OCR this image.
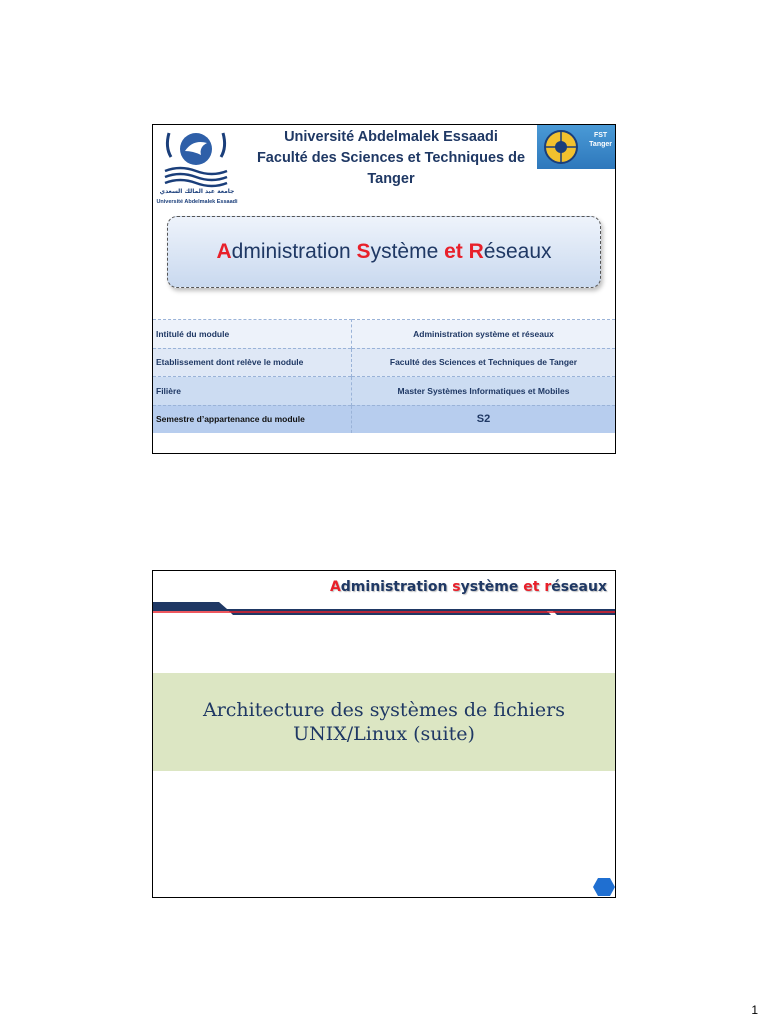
جامعة عبد المالك السعدي
Université Abdelmalek Essaadi
Université Abdelmalek Essaadi
Faculté des Sciences et Techniques de
Tanger
FST
Tanger
Administration Système et Réseaux
Intitulé du module	Administration système et réseaux
Etablissement dont relève le module	Faculté des Sciences et Techniques de Tanger
Filière	Master Systèmes Informatiques et Mobiles
Semestre d’appartenance du module	S2
Administration système et réseaux
Architecture des systèmes de fichiers
UNIX/Linux (suite)
1
